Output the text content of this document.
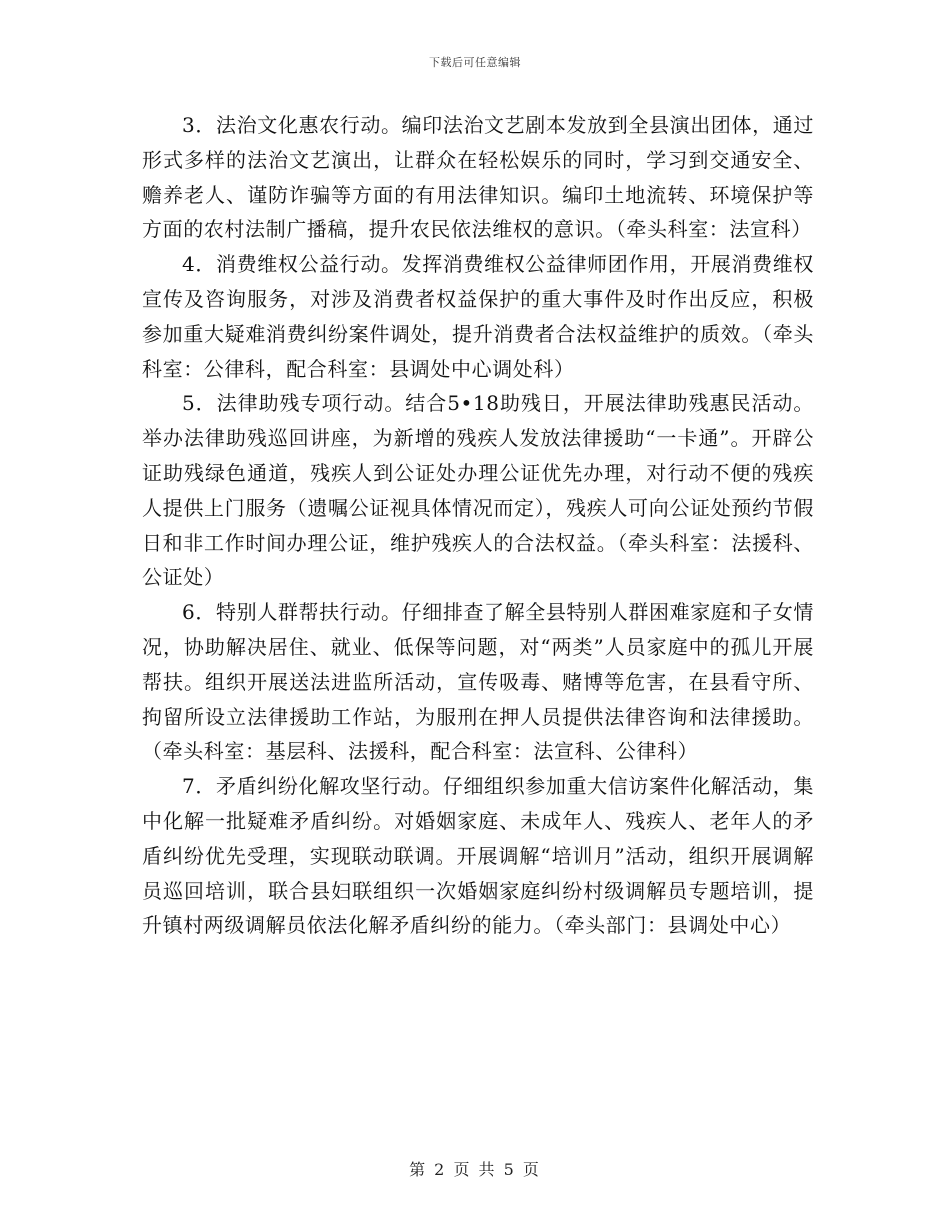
下载后可任意编辑

3．法治文化惠农行动。编印法治文艺剧本发放到全县演出团体，通过形式多样的法治文艺演出，让群众在轻松娱乐的同时，学习到交通安全、赡养老人、谨防诈骗等方面的有用法律知识。编印土地流转、环境保护等方面的农村法制广播稿，提升农民依法维权的意识。（牵头科室：法宣科）

4．消费维权公益行动。发挥消费维权公益律师团作用，开展消费维权宣传及咨询服务，对涉及消费者权益保护的重大事件及时作出反应，积极参加重大疑难消费纠纷案件调处，提升消费者合法权益维护的质效。（牵头科室：公律科，配合科室：县调处中心调处科）

5．法律助残专项行动。结合5•18助残日，开展法律助残惠民活动。举办法律助残巡回讲座，为新增的残疾人发放法律援助“一卡通”。开辟公证助残绿色通道，残疾人到公证处办理公证优先办理，对行动不便的残疾人提供上门服务（遗嘱公证视具体情况而定），残疾人可向公证处预约节假日和非工作时间办理公证，维护残疾人的合法权益。（牵头科室：法援科、公证处）

6．特别人群帮扶行动。仔细排查了解全县特别人群困难家庭和子女情况，协助解决居住、就业、低保等问题，对“两类”人员家庭中的孤儿开展帮扶。组织开展送法进监所活动，宣传吸毒、赌博等危害，在县看守所、拘留所设立法律援助工作站，为服刑在押人员提供法律咨询和法律援助。（牵头科室：基层科、法援科，配合科室：法宣科、公律科）

7．矛盾纠纷化解攻坚行动。仔细组织参加重大信访案件化解活动，集中化解一批疑难矛盾纠纷。对婚姻家庭、未成年人、残疾人、老年人的矛盾纠纷优先受理，实现联动联调。开展调解“培训月”活动，组织开展调解员巡回培训，联合县妇联组织一次婚姻家庭纠纷村级调解员专题培训，提升镇村两级调解员依法化解矛盾纠纷的能力。（牵头部门：县调处中心）

第 2 页 共 5 页
